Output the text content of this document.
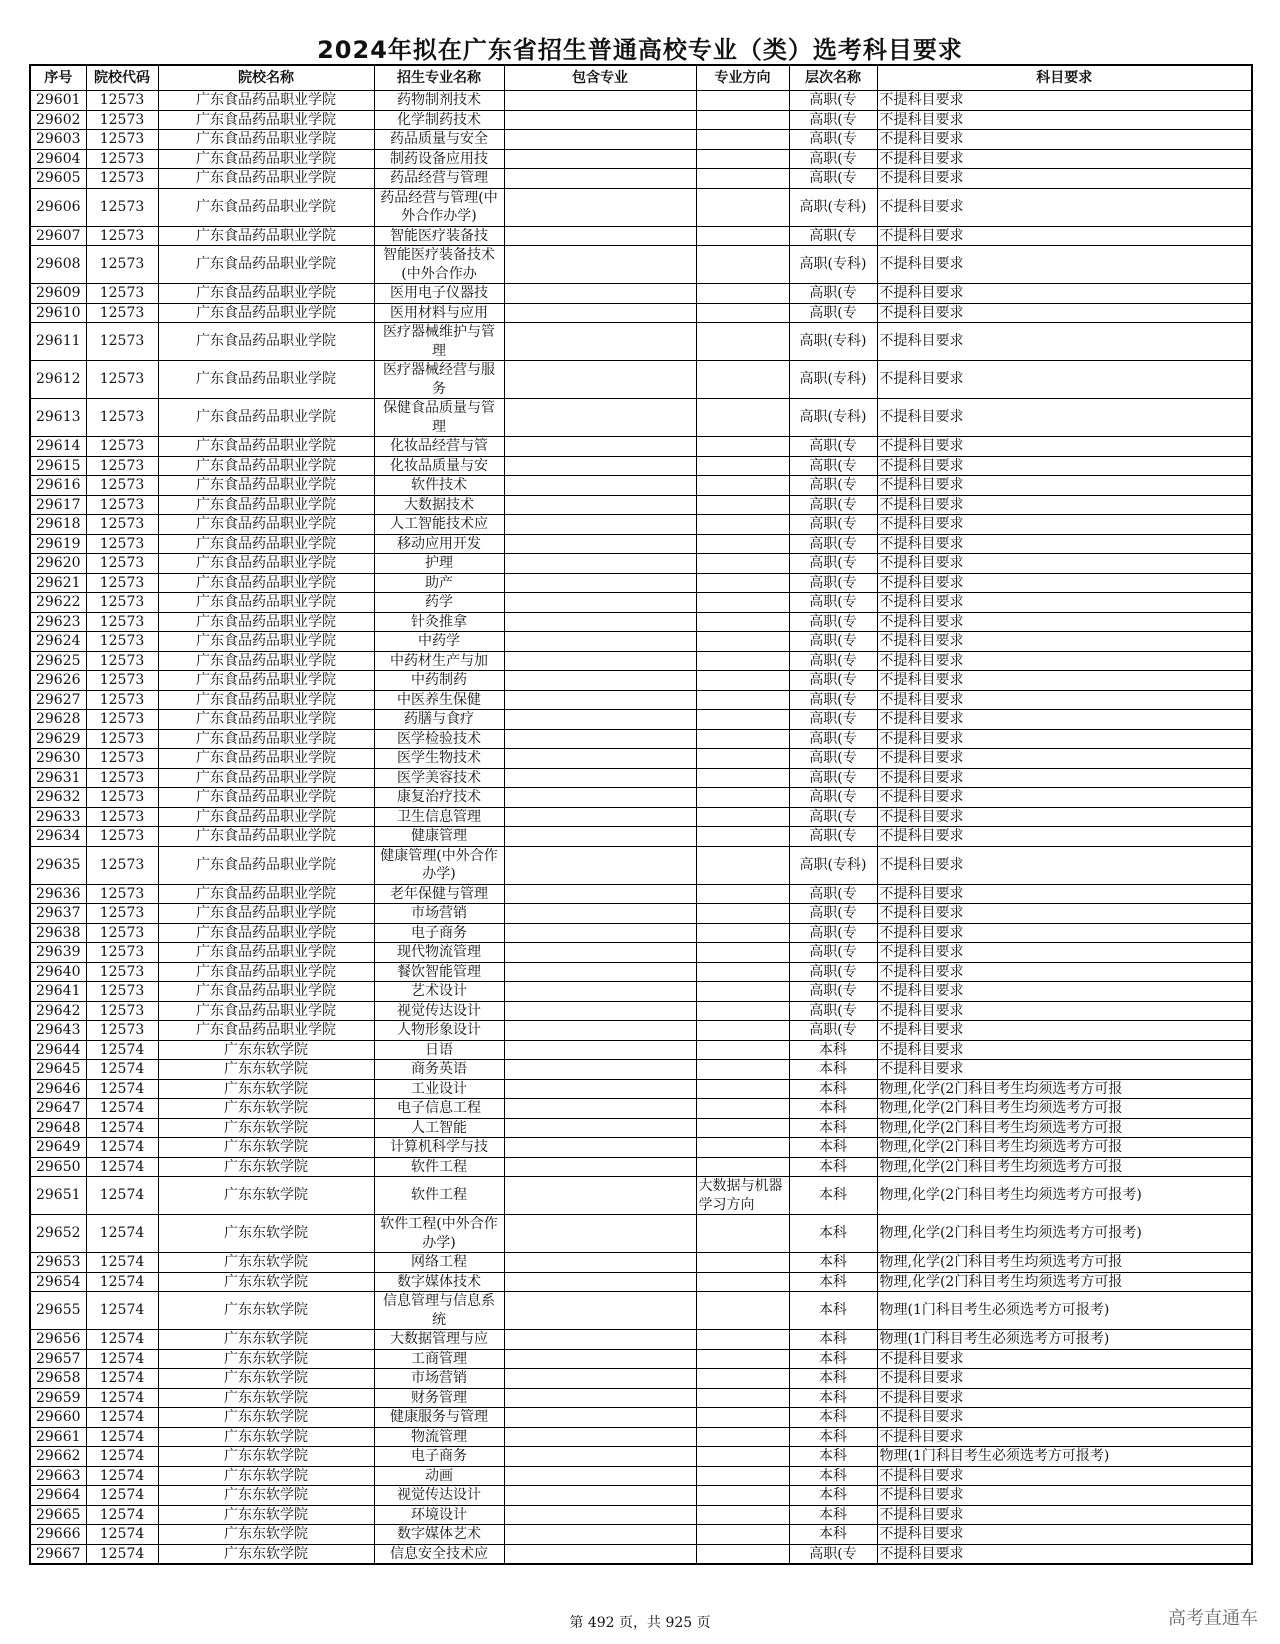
2024年拟在广东省招生普通高校专业（类）选考科目要求
序号	院校代码	院校名称	招生专业名称	包含专业	专业方向	层次名称	科目要求
29601	12573	广东食品药品职业学院	药物制剂技术			高职(专	不提科目要求
29602	12573	广东食品药品职业学院	化学制药技术			高职(专	不提科目要求
29603	12573	广东食品药品职业学院	药品质量与安全			高职(专	不提科目要求
29604	12573	广东食品药品职业学院	制药设备应用技			高职(专	不提科目要求
29605	12573	广东食品药品职业学院	药品经营与管理			高职(专	不提科目要求
29606	12573	广东食品药品职业学院	药品经营与管理(中外合作办学)			高职(专科)	不提科目要求
29607	12573	广东食品药品职业学院	智能医疗装备技			高职(专	不提科目要求
29608	12573	广东食品药品职业学院	智能医疗装备技术(中外合作办			高职(专科)	不提科目要求
29609	12573	广东食品药品职业学院	医用电子仪器技			高职(专	不提科目要求
29610	12573	广东食品药品职业学院	医用材料与应用			高职(专	不提科目要求
29611	12573	广东食品药品职业学院	医疗器械维护与管理			高职(专科)	不提科目要求
29612	12573	广东食品药品职业学院	医疗器械经营与服务			高职(专科)	不提科目要求
29613	12573	广东食品药品职业学院	保健食品质量与管理			高职(专科)	不提科目要求
29614	12573	广东食品药品职业学院	化妆品经营与管			高职(专	不提科目要求
29615	12573	广东食品药品职业学院	化妆品质量与安			高职(专	不提科目要求
29616	12573	广东食品药品职业学院	软件技术			高职(专	不提科目要求
29617	12573	广东食品药品职业学院	大数据技术			高职(专	不提科目要求
29618	12573	广东食品药品职业学院	人工智能技术应			高职(专	不提科目要求
29619	12573	广东食品药品职业学院	移动应用开发			高职(专	不提科目要求
29620	12573	广东食品药品职业学院	护理			高职(专	不提科目要求
29621	12573	广东食品药品职业学院	助产			高职(专	不提科目要求
29622	12573	广东食品药品职业学院	药学			高职(专	不提科目要求
29623	12573	广东食品药品职业学院	针灸推拿			高职(专	不提科目要求
29624	12573	广东食品药品职业学院	中药学			高职(专	不提科目要求
29625	12573	广东食品药品职业学院	中药材生产与加			高职(专	不提科目要求
29626	12573	广东食品药品职业学院	中药制药			高职(专	不提科目要求
29627	12573	广东食品药品职业学院	中医养生保健			高职(专	不提科目要求
29628	12573	广东食品药品职业学院	药膳与食疗			高职(专	不提科目要求
29629	12573	广东食品药品职业学院	医学检验技术			高职(专	不提科目要求
29630	12573	广东食品药品职业学院	医学生物技术			高职(专	不提科目要求
29631	12573	广东食品药品职业学院	医学美容技术			高职(专	不提科目要求
29632	12573	广东食品药品职业学院	康复治疗技术			高职(专	不提科目要求
29633	12573	广东食品药品职业学院	卫生信息管理			高职(专	不提科目要求
29634	12573	广东食品药品职业学院	健康管理			高职(专	不提科目要求
29635	12573	广东食品药品职业学院	健康管理(中外合作办学)			高职(专科)	不提科目要求
29636	12573	广东食品药品职业学院	老年保健与管理			高职(专	不提科目要求
29637	12573	广东食品药品职业学院	市场营销			高职(专	不提科目要求
29638	12573	广东食品药品职业学院	电子商务			高职(专	不提科目要求
29639	12573	广东食品药品职业学院	现代物流管理			高职(专	不提科目要求
29640	12573	广东食品药品职业学院	餐饮智能管理			高职(专	不提科目要求
29641	12573	广东食品药品职业学院	艺术设计			高职(专	不提科目要求
29642	12573	广东食品药品职业学院	视觉传达设计			高职(专	不提科目要求
29643	12573	广东食品药品职业学院	人物形象设计			高职(专	不提科目要求
29644	12574	广东东软学院	日语			本科	不提科目要求
29645	12574	广东东软学院	商务英语			本科	不提科目要求
29646	12574	广东东软学院	工业设计			本科	物理,化学(2门科目考生均须选考方可报
29647	12574	广东东软学院	电子信息工程			本科	物理,化学(2门科目考生均须选考方可报
29648	12574	广东东软学院	人工智能			本科	物理,化学(2门科目考生均须选考方可报
29649	12574	广东东软学院	计算机科学与技			本科	物理,化学(2门科目考生均须选考方可报
29650	12574	广东东软学院	软件工程			本科	物理,化学(2门科目考生均须选考方可报
29651	12574	广东东软学院	软件工程		大数据与机器学习方向	本科	物理,化学(2门科目考生均须选考方可报考)
29652	12574	广东东软学院	软件工程(中外合作办学)			本科	物理,化学(2门科目考生均须选考方可报考)
29653	12574	广东东软学院	网络工程			本科	物理,化学(2门科目考生均须选考方可报
29654	12574	广东东软学院	数字媒体技术			本科	物理,化学(2门科目考生均须选考方可报
29655	12574	广东东软学院	信息管理与信息系统			本科	物理(1门科目考生必须选考方可报考)
29656	12574	广东东软学院	大数据管理与应			本科	物理(1门科目考生必须选考方可报考)
29657	12574	广东东软学院	工商管理			本科	不提科目要求
29658	12574	广东东软学院	市场营销			本科	不提科目要求
29659	12574	广东东软学院	财务管理			本科	不提科目要求
29660	12574	广东东软学院	健康服务与管理			本科	不提科目要求
29661	12574	广东东软学院	物流管理			本科	不提科目要求
29662	12574	广东东软学院	电子商务			本科	物理(1门科目考生必须选考方可报考)
29663	12574	广东东软学院	动画			本科	不提科目要求
29664	12574	广东东软学院	视觉传达设计			本科	不提科目要求
29665	12574	广东东软学院	环境设计			本科	不提科目要求
29666	12574	广东东软学院	数字媒体艺术			本科	不提科目要求
29667	12574	广东东软学院	信息安全技术应			高职(专	不提科目要求
第 492 页，共 925 页	高考直通车
